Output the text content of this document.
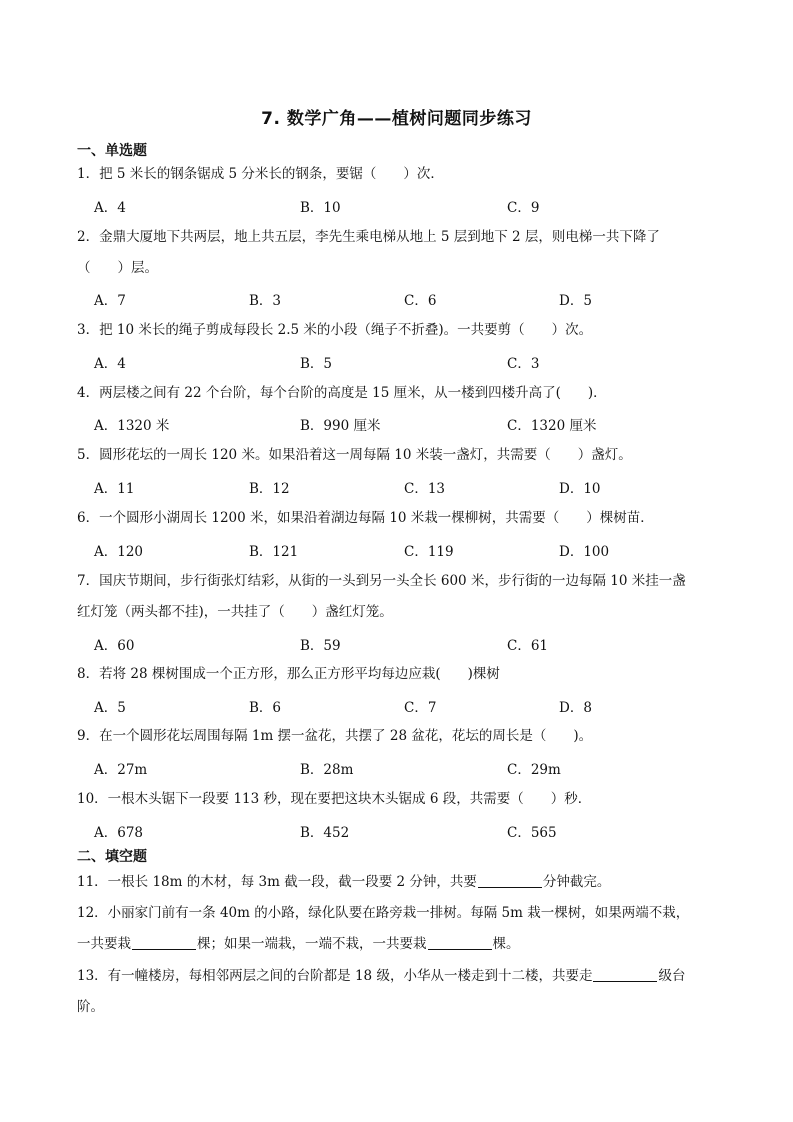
7. 数学广角——植树问题同步练习
一、单选题
1．把 5 米长的钢条锯成 5 分米长的钢条，要锯（　　）次．
A．4	B．10	C．9
2．金鼎大厦地下共两层，地上共五层，李先生乘电梯从地上 5 层到地下 2 层，则电梯一共下降了
（　　）层。
A．7	B．3	C．6	D．5
3．把 10 米长的绳子剪成每段长 2.5 米的小段（绳子不折叠)。一共要剪（　　）次。
A．4	B．5	C．3
4．两层楼之间有 22 个台阶，每个台阶的高度是 15 厘米，从一楼到四楼升高了(　　)．
A．1320 米	B．990 厘米	C．1320 厘米
5．圆形花坛的一周长 120 米。如果沿着这一周每隔 10 米装一盏灯，共需要（　　）盏灯。
A．11	B．12	C．13	D．10
6．一个圆形小湖周长 1200 米，如果沿着湖边每隔 10 米栽一棵柳树，共需要（　　）棵树苗．
A．120	B．121	C．119	D．100
7．国庆节期间，步行街张灯结彩，从街的一头到另一头全长 600 米，步行街的一边每隔 10 米挂一盏
红灯笼（两头都不挂)，一共挂了（　　）盏红灯笼。
A．60	B．59	C．61
8．若将 28 棵树围成一个正方形，那么正方形平均每边应栽(　　)棵树
A．5	B．6	C．7	D．8
9．在一个圆形花坛周围每隔 1m 摆一盆花，共摆了 28 盆花，花坛的周长是（　　)。
A．27m	B．28m	C．29m
10．一根木头锯下一段要 113 秒，现在要把这块木头锯成 6 段，共需要（　　）秒．
A．678	B．452	C．565
二、填空题
11．一根长 18m 的木材，每 3m 截一段，截一段要 2 分钟，共要	分钟截完。
12．小丽家门前有一条 40m 的小路，绿化队要在路旁栽一排树。每隔 5m 栽一棵树，如果两端不栽，
一共要栽	棵；如果一端栽，一端不栽，一共要栽	棵。
13．有一幢楼房，每相邻两层之间的台阶都是 18 级，小华从一楼走到十二楼，共要走	级台
阶。
